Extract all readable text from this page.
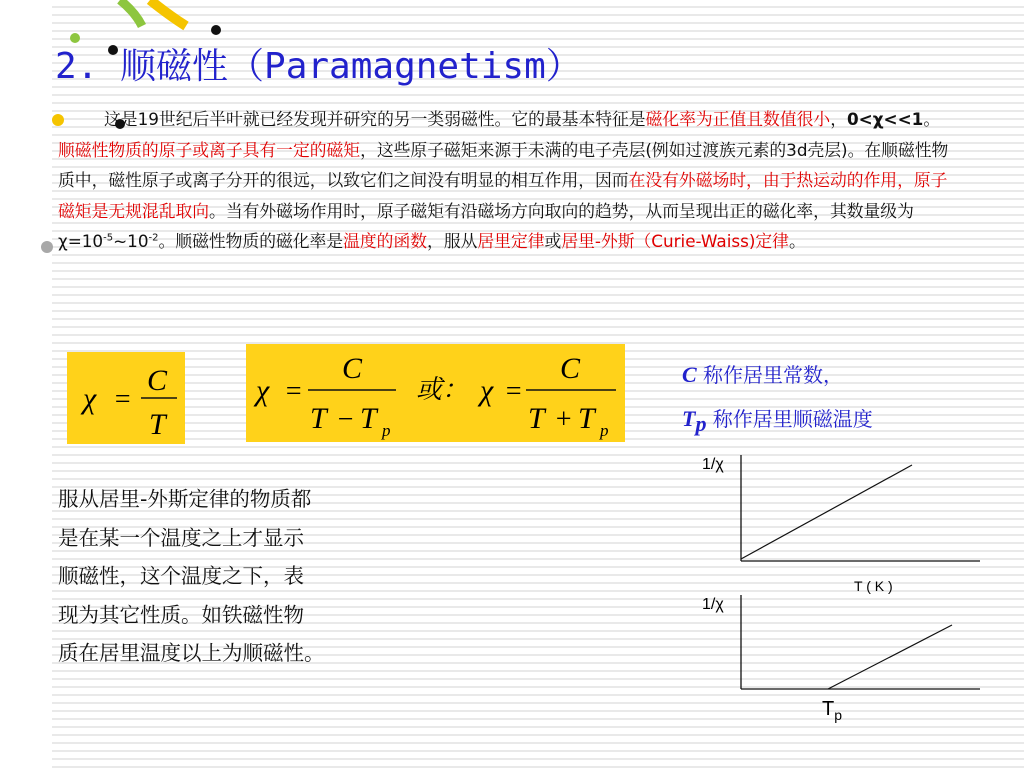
2. 顺磁性（Paramagnetism）
这是19世纪后半叶就已经发现并研究的另一类弱磁性。它的最基本特征是磁化率为正值且数值很小，0<χ<<1。顺磁性物质的原子或离子具有一定的磁矩，这些原子磁矩来源于未满的电子壳层(例如过渡族元素的3d壳层)。在顺磁性物质中，磁性原子或离子分开的很远，以致它们之间没有明显的相互作用，因而在没有外磁场时，由于热运动的作用，原子磁矩是无规混乱取向。当有外磁场作用时，原子磁矩有沿磁场方向取向的趋势，从而呈现出正的磁化率，其数量级为$\chi=10^{-5}\sim 10^{-2}$。顺磁性物质的磁化率是温度的函数，服从居里定律或居里-外斯（Curie-Waiss)定律。
χ =
C
T
χ =
C
T − T p
或： χ =
C
T + T p
C 称作居里常数，
$T_p$ 称作居里顺磁温度
服从居里-外斯定律的物质都
是在某一个温度之上才显示
顺磁性，这个温度之下，表
现为其它性质。如铁磁性物
质在居里温度以上为顺磁性。
1/χ
T ( K )
1/χ
$T_p$
